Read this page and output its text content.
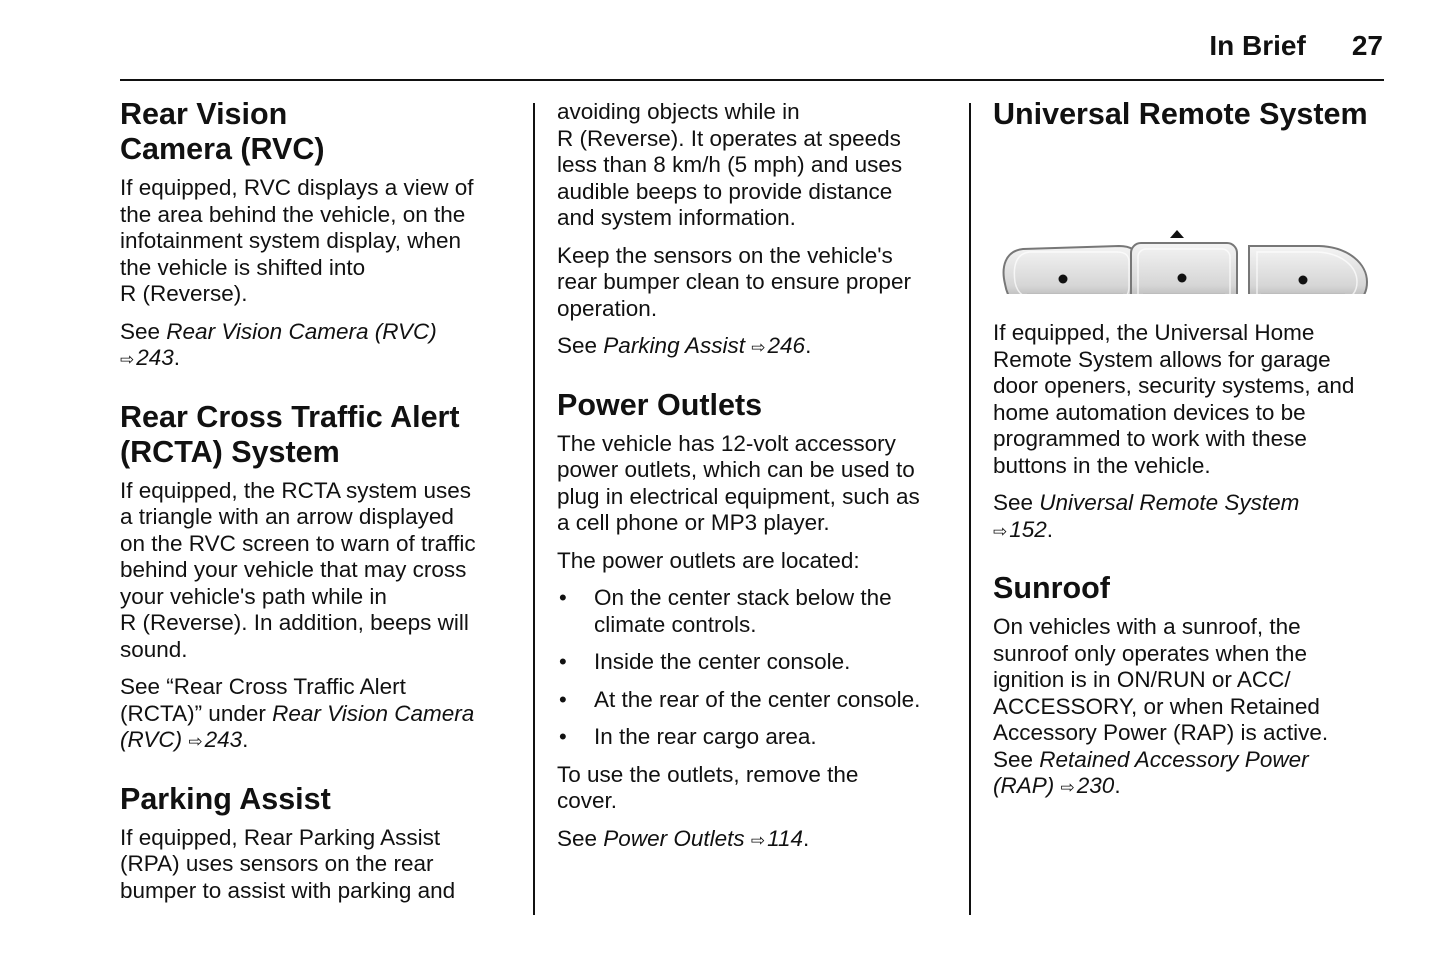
In Brief 27
Rear Vision
Camera (RVC)

If equipped, RVC displays a view of
the area behind the vehicle, on the
infotainment system display, when
the vehicle is shifted into
R (Reverse).

See Rear Vision Camera (RVC)
⇨243.

Rear Cross Traffic Alert
(RCTA) System

If equipped, the RCTA system uses
a triangle with an arrow displayed
on the RVC screen to warn of traffic
behind your vehicle that may cross
your vehicle's path while in
R (Reverse). In addition, beeps will
sound.

See “Rear Cross Traffic Alert
(RCTA)” under Rear Vision Camera
(RVC) ⇨243.

Parking Assist

If equipped, Rear Parking Assist
(RPA) uses sensors on the rear
bumper to assist with parking and

avoiding objects while in
R (Reverse). It operates at speeds
less than 8 km/h (5 mph) and uses
audible beeps to provide distance
and system information.

Keep the sensors on the vehicle's
rear bumper clean to ensure proper
operation.

See Parking Assist ⇨246.

Power Outlets

The vehicle has 12-volt accessory
power outlets, which can be used to
plug in electrical equipment, such as
a cell phone or MP3 player.

The power outlets are located:

• On the center stack below the
climate controls.
• Inside the center console.
• At the rear of the center console.
• In the rear cargo area.

To use the outlets, remove the
cover.

See Power Outlets ⇨114.

Universal Remote System

If equipped, the Universal Home
Remote System allows for garage
door openers, security systems, and
home automation devices to be
programmed to work with these
buttons in the vehicle.

See Universal Remote System
⇨152.

Sunroof

On vehicles with a sunroof, the
sunroof only operates when the
ignition is in ON/RUN or ACC/
ACCESSORY, or when Retained
Accessory Power (RAP) is active.
See Retained Accessory Power
(RAP) ⇨230.
